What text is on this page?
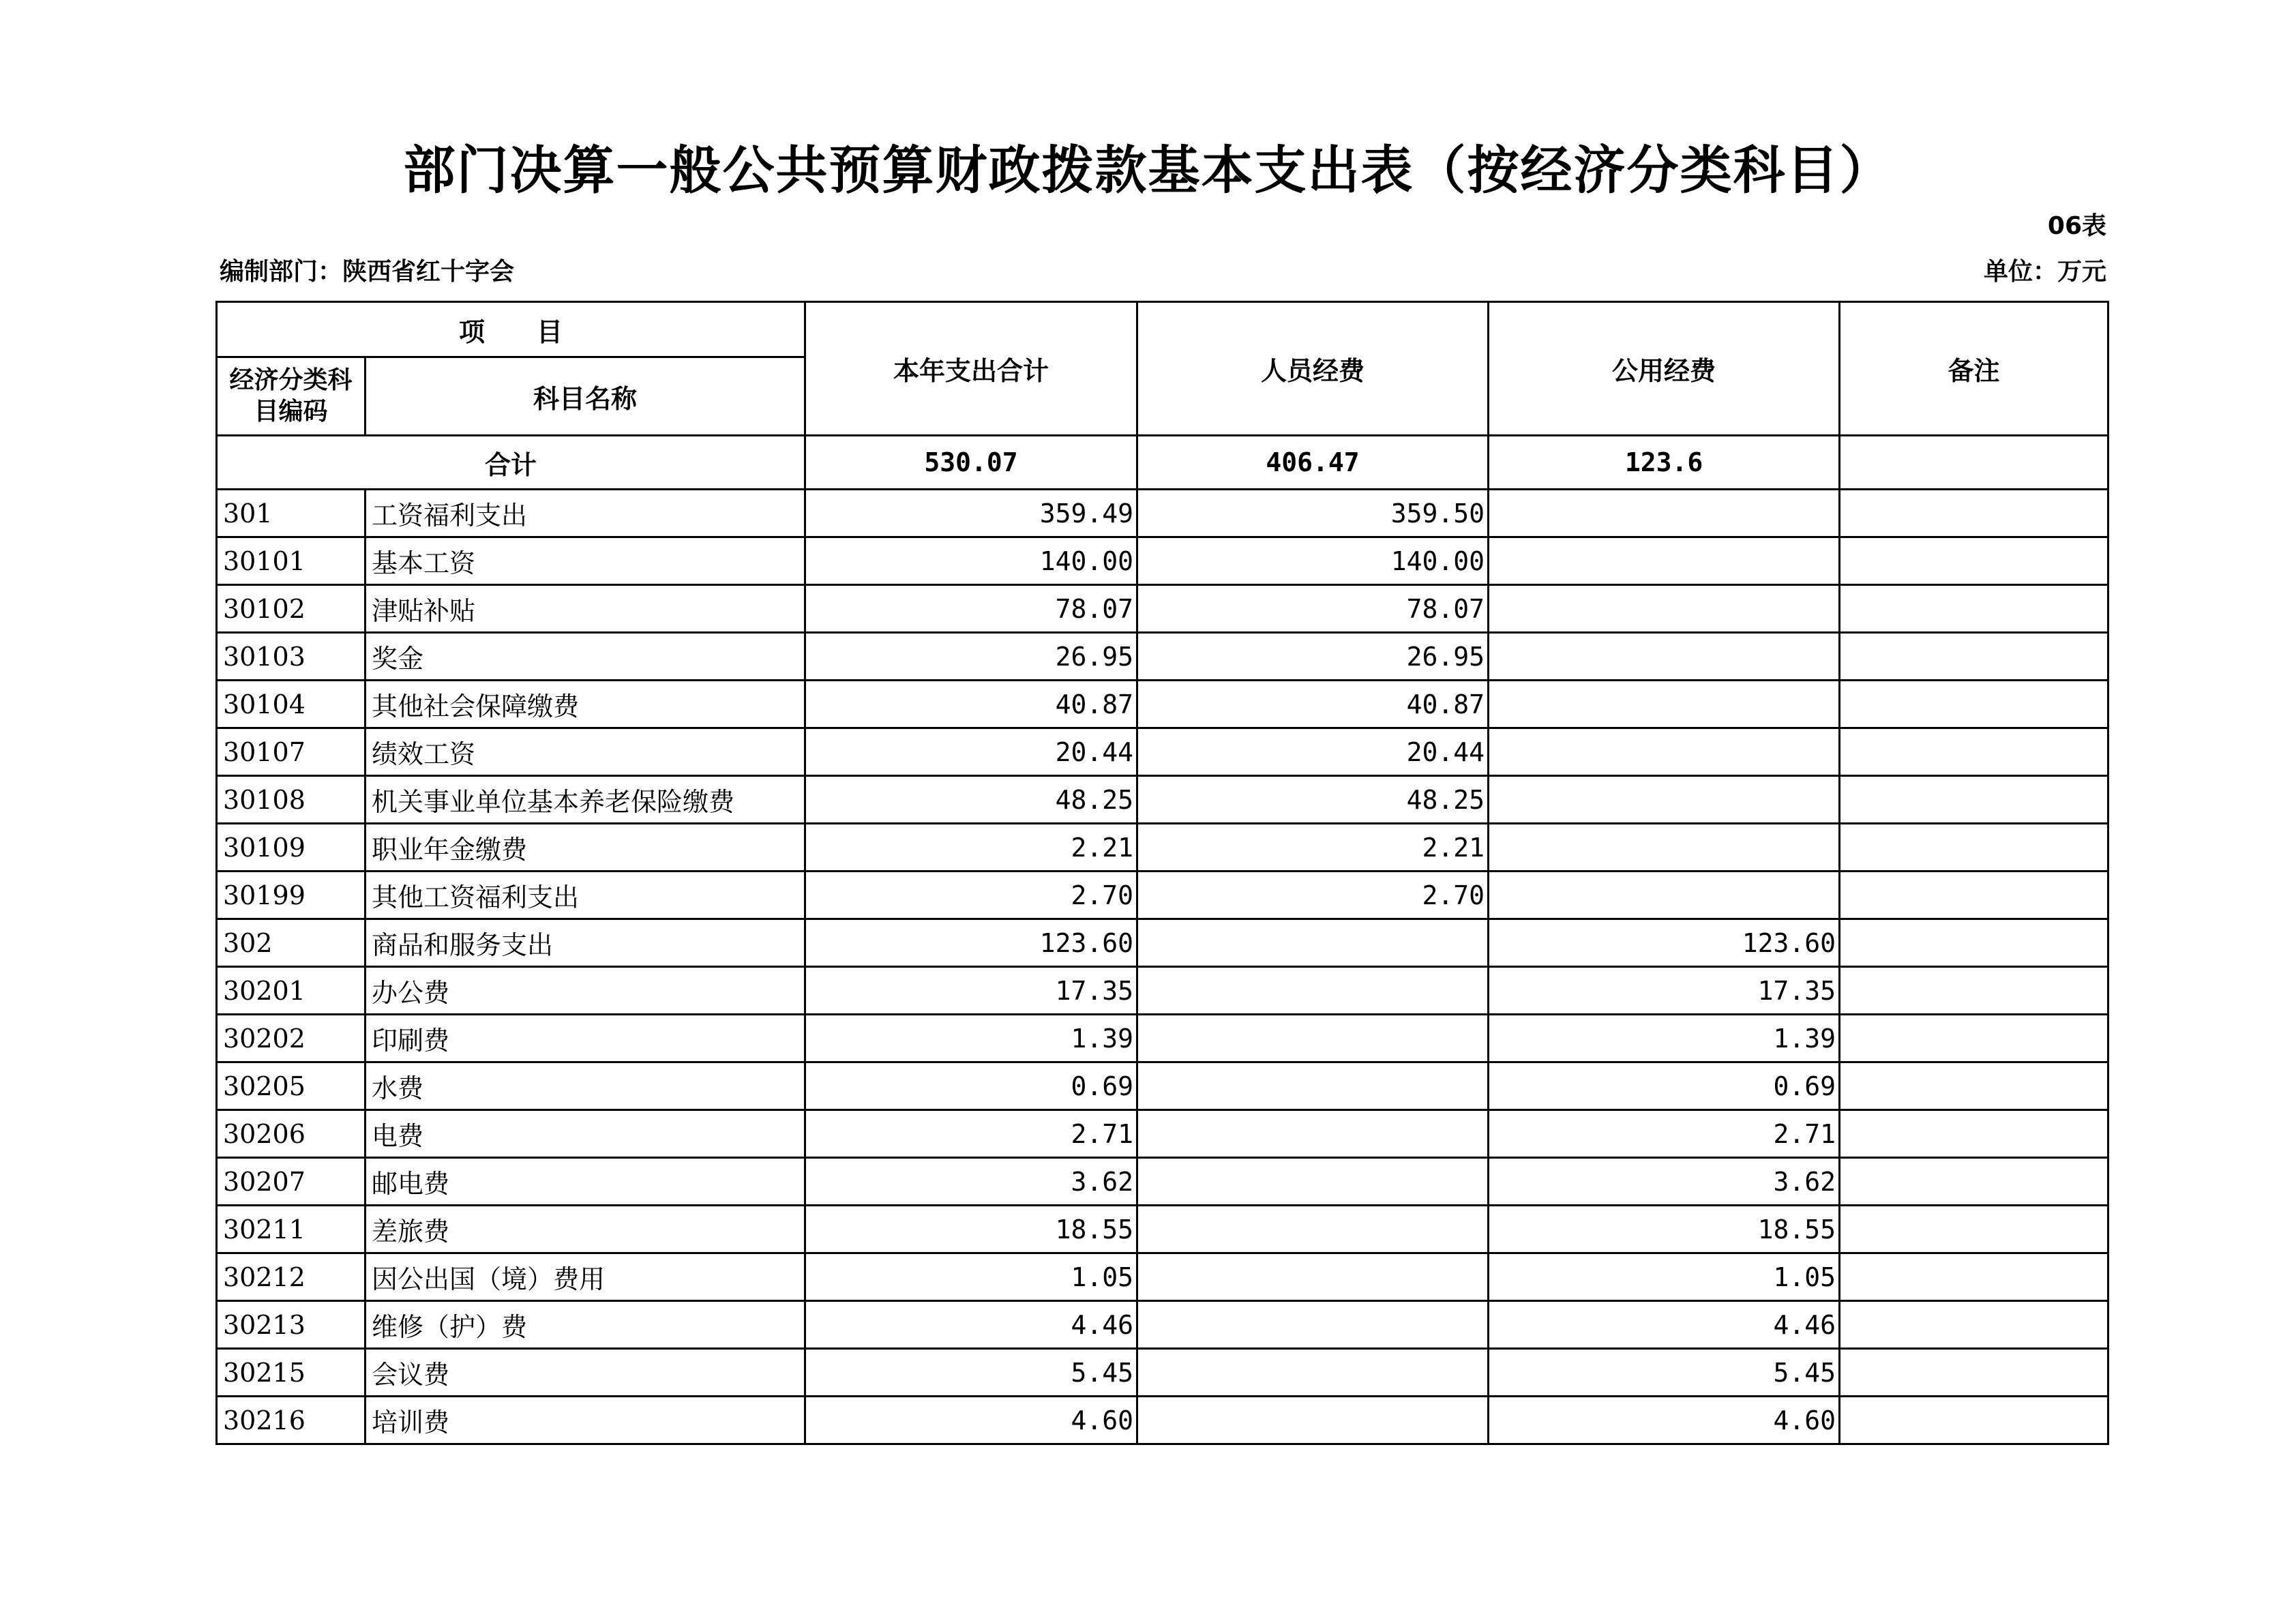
部门决算一般公共预算财政拨款基本支出表（按经济分类科目）
06表
编制部门：陕西省红十字会	单位：万元
项　　目		本年支出合计	人员经费	公用经费	备注
经济分类科目编码	科目名称				
合计		530.07	406.47	123.6	
301	工资福利支出	359.49	359.50		
30101	基本工资	140.00	140.00		
30102	津贴补贴	78.07	78.07		
30103	奖金	26.95	26.95		
30104	其他社会保障缴费	40.87	40.87		
30107	绩效工资	20.44	20.44		
30108	机关事业单位基本养老保险缴费	48.25	48.25		
30109	职业年金缴费	2.21	2.21		
30199	其他工资福利支出	2.70	2.70		
302	商品和服务支出	123.60		123.60	
30201	办公费	17.35		17.35	
30202	印刷费	1.39		1.39	
30205	水费	0.69		0.69	
30206	电费	2.71		2.71	
30207	邮电费	3.62		3.62	
30211	差旅费	18.55		18.55	
30212	因公出国（境）费用	1.05		1.05	
30213	维修（护）费	4.46		4.46	
30215	会议费	5.45		5.45	
30216	培训费	4.60		4.60	
